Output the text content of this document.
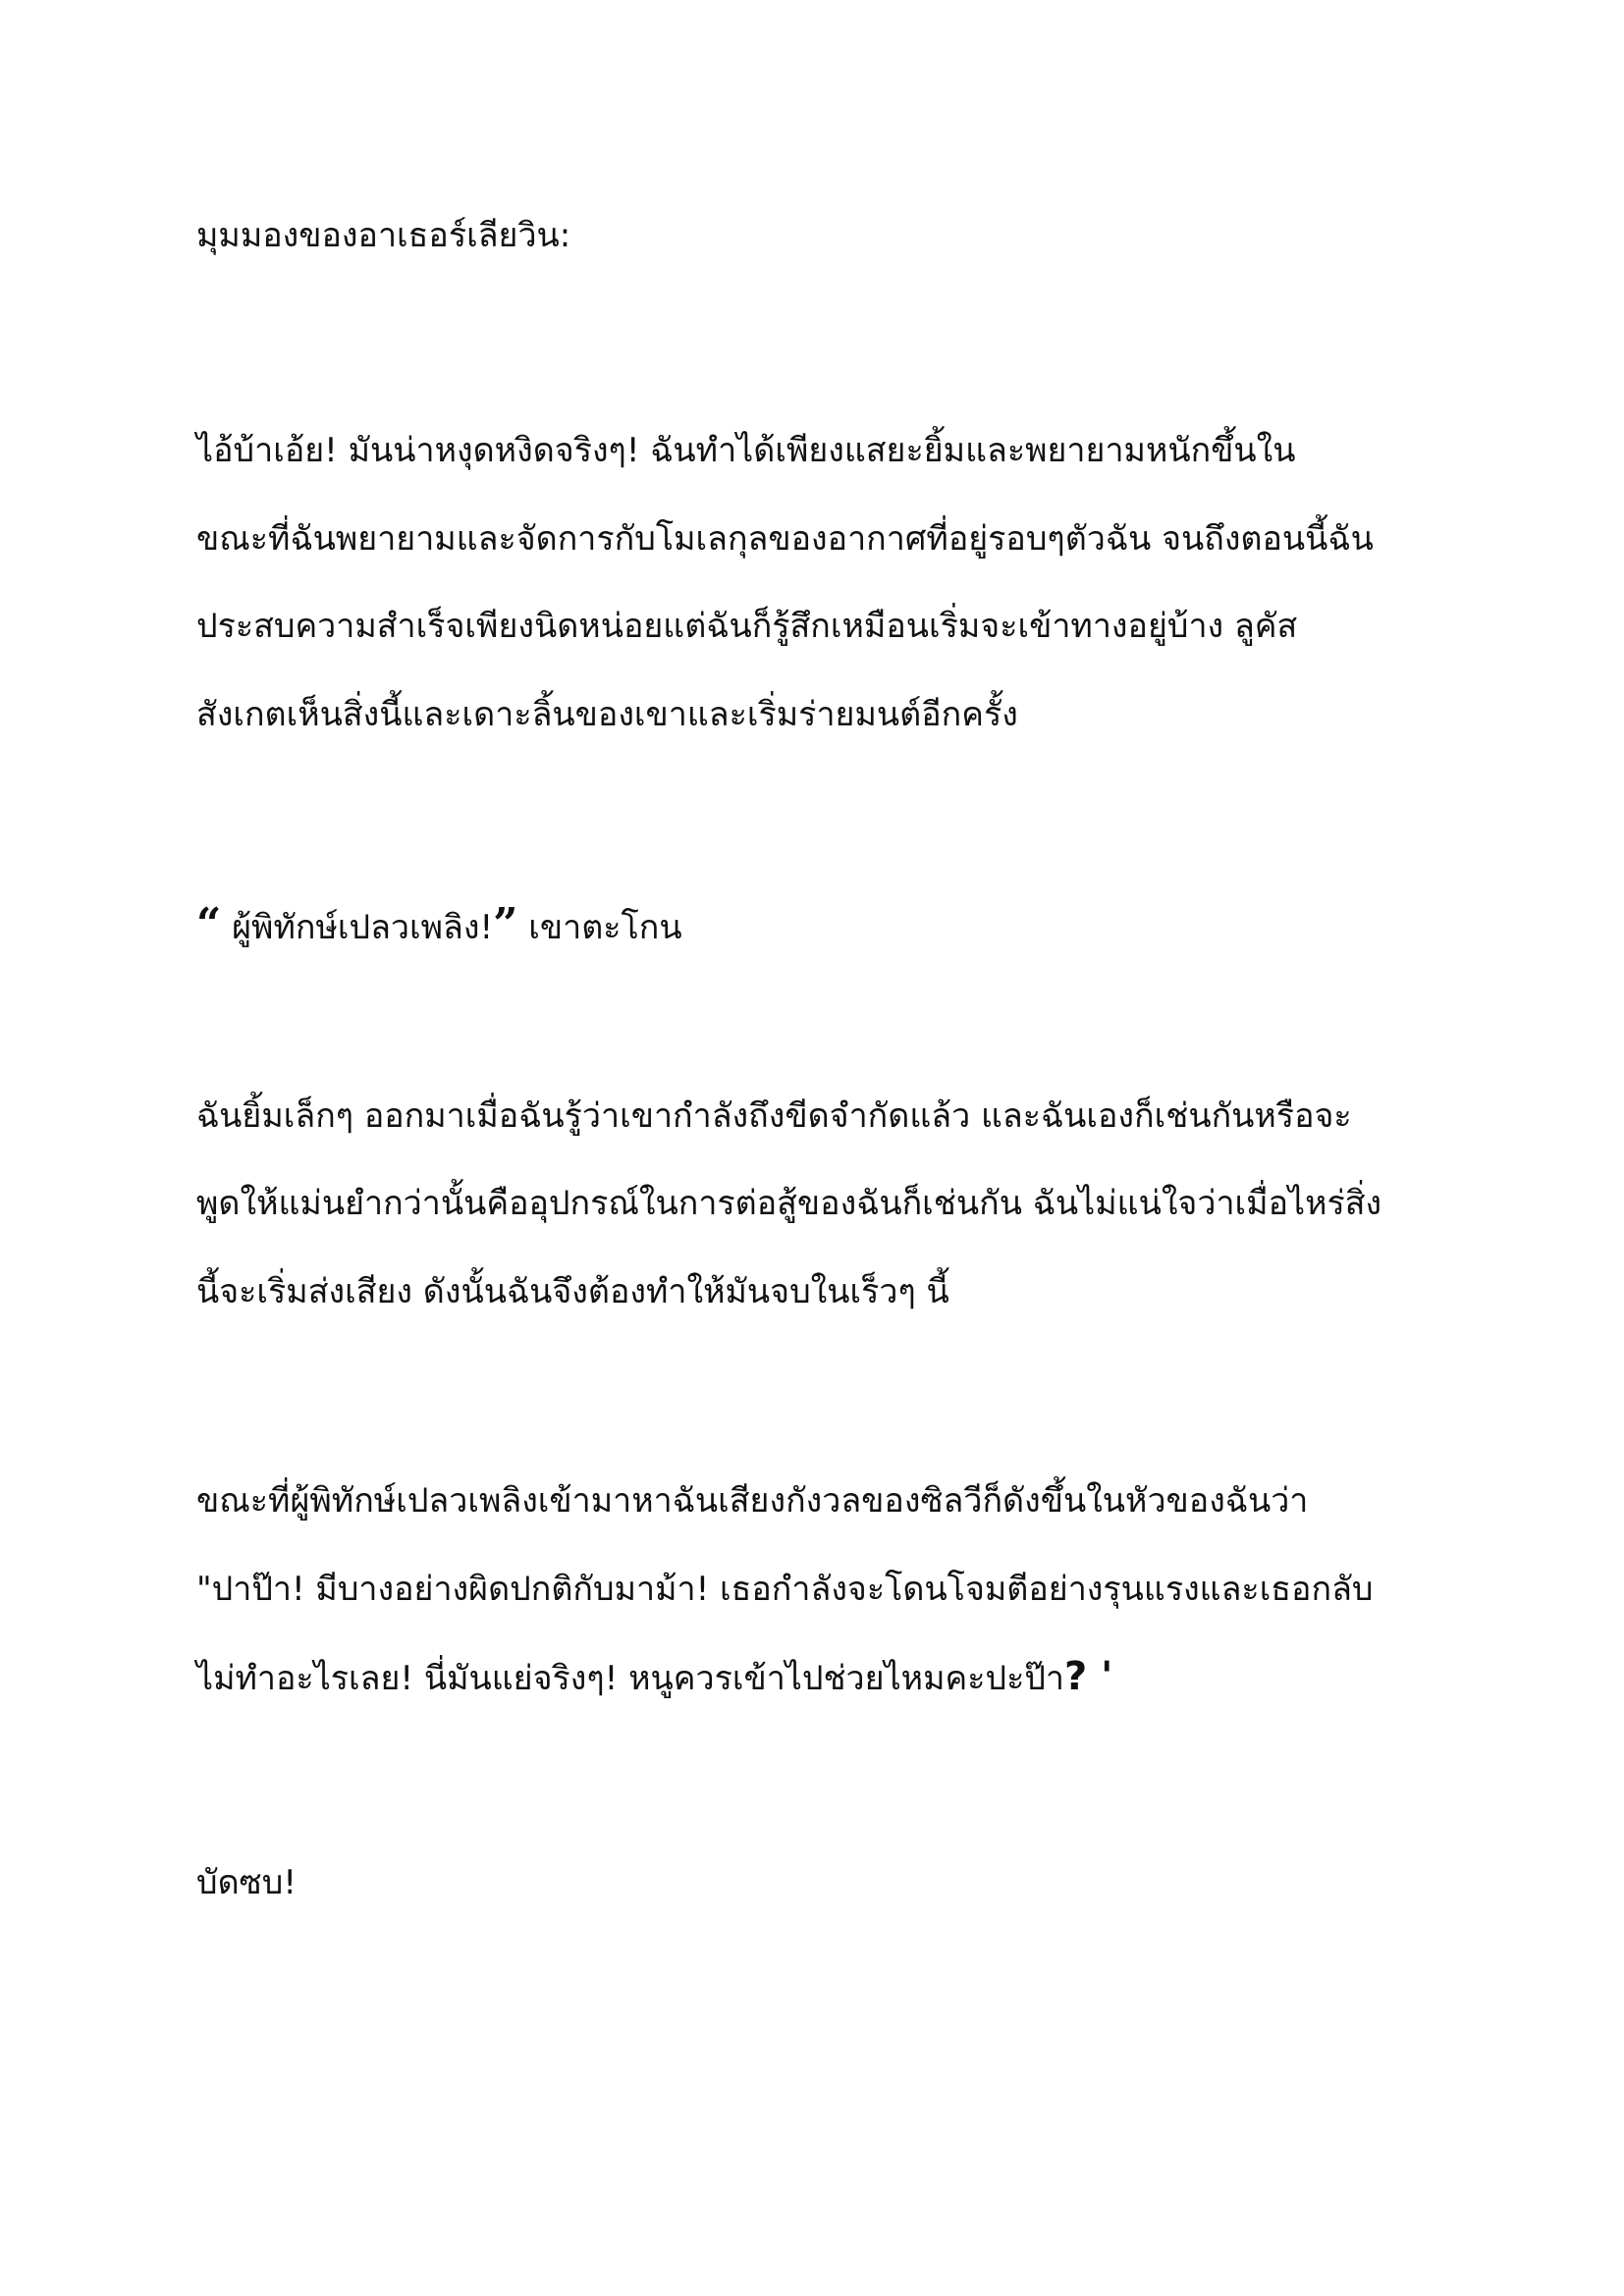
มุมมองของอาเธอร์เลียวิน:
ไอ้บ้าเอ้ย! มันน่าหงุดหงิดจริงๆ! ฉันทำได้เพียงแสยะยิ้มและพยายามหนักขึ้นใน
ขณะที่ฉันพยายามและจัดการกับโมเลกุลของอากาศที่อยู่รอบๆตัวฉัน จนถึงตอนนี้ฉัน
ประสบความสำเร็จเพียงนิดหน่อยแต่ฉันก็รู้สึกเหมือนเริ่มจะเข้าทางอยู่บ้าง ลูคัส
สังเกตเห็นสิ่งนี้และเดาะลิ้นของเขาและเริ่มร่ายมนต์อีกครั้ง
“ ผู้พิทักษ์เปลวเพลิง!” เขาตะโกน
ฉันยิ้มเล็กๆ ออกมาเมื่อฉันรู้ว่าเขากำลังถึงขีดจำกัดแล้ว และฉันเองก็เช่นกันหรือจะ
พูดให้แม่นยำกว่านั้นคืออุปกรณ์ในการต่อสู้ของฉันก็เช่นกัน ฉันไม่แน่ใจว่าเมื่อไหร่สิ่ง
นี้จะเริ่มส่งเสียง ดังนั้นฉันจึงต้องทำให้มันจบในเร็วๆ นี้
ขณะที่ผู้พิทักษ์เปลวเพลิงเข้ามาหาฉันเสียงกังวลของซิลวีก็ดังขึ้นในหัวของฉันว่า
"ปาป๊า! มีบางอย่างผิดปกติกับมาม้า! เธอกำลังจะโดนโจมตีอย่างรุนแรงและเธอกลับ
ไม่ทำอะไรเลย! นี่มันแย่จริงๆ! หนูควรเข้าไปช่วยไหมคะปะป๊า? '
บัดซบ!
